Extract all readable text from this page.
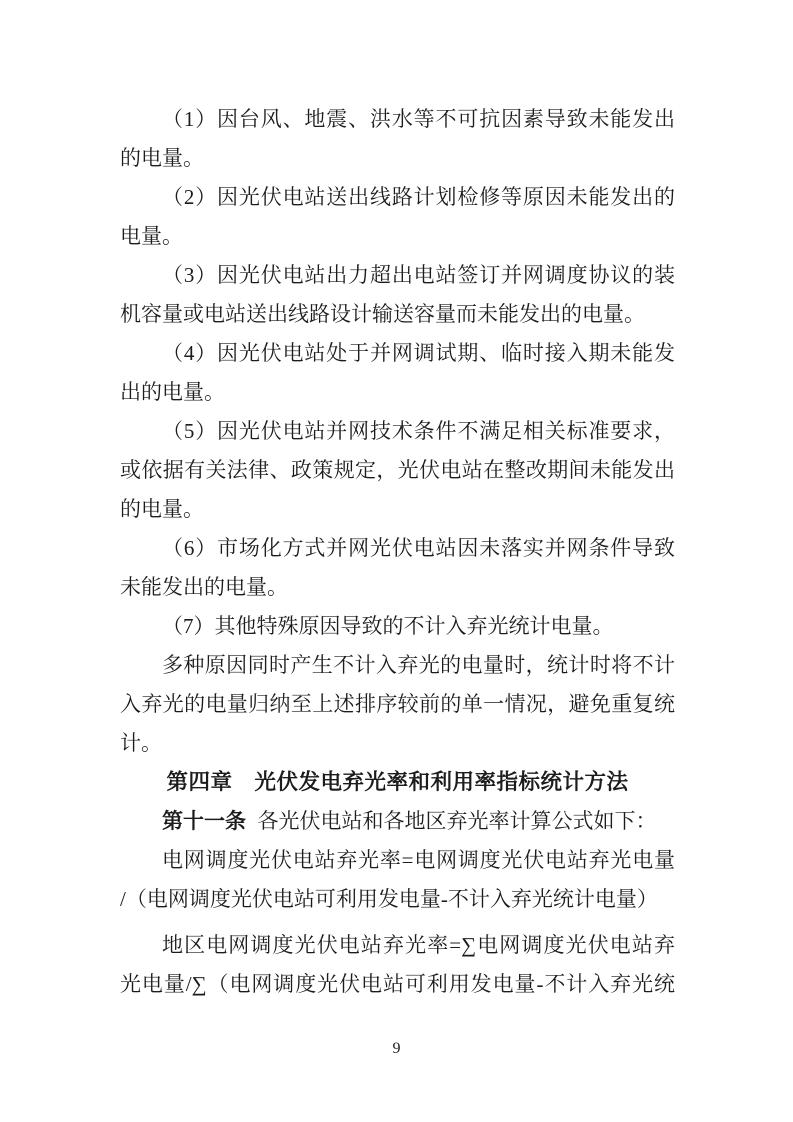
（1）因台风、地震、洪水等不可抗因素导致未能发出
的电量。
（2）因光伏电站送出线路计划检修等原因未能发出的
电量。
（3）因光伏电站出力超出电站签订并网调度协议的装
机容量或电站送出线路设计输送容量而未能发出的电量。
（4）因光伏电站处于并网调试期、临时接入期未能发
出的电量。
（5）因光伏电站并网技术条件不满足相关标准要求，
或依据有关法律、政策规定，光伏电站在整改期间未能发出
的电量。
（6）市场化方式并网光伏电站因未落实并网条件导致
未能发出的电量。
（7）其他特殊原因导致的不计入弃光统计电量。
多种原因同时产生不计入弃光的电量时，统计时将不计
入弃光的电量归纳至上述排序较前的单一情况，避免重复统
计。
第四章　光伏发电弃光率和利用率指标统计方法
第十一条 各光伏电站和各地区弃光率计算公式如下：
电网调度光伏电站弃光率=电网调度光伏电站弃光电量
/（电网调度光伏电站可利用发电量-不计入弃光统计电量）
地区电网调度光伏电站弃光率=∑电网调度光伏电站弃
光电量/∑（电网调度光伏电站可利用发电量-不计入弃光统
9
